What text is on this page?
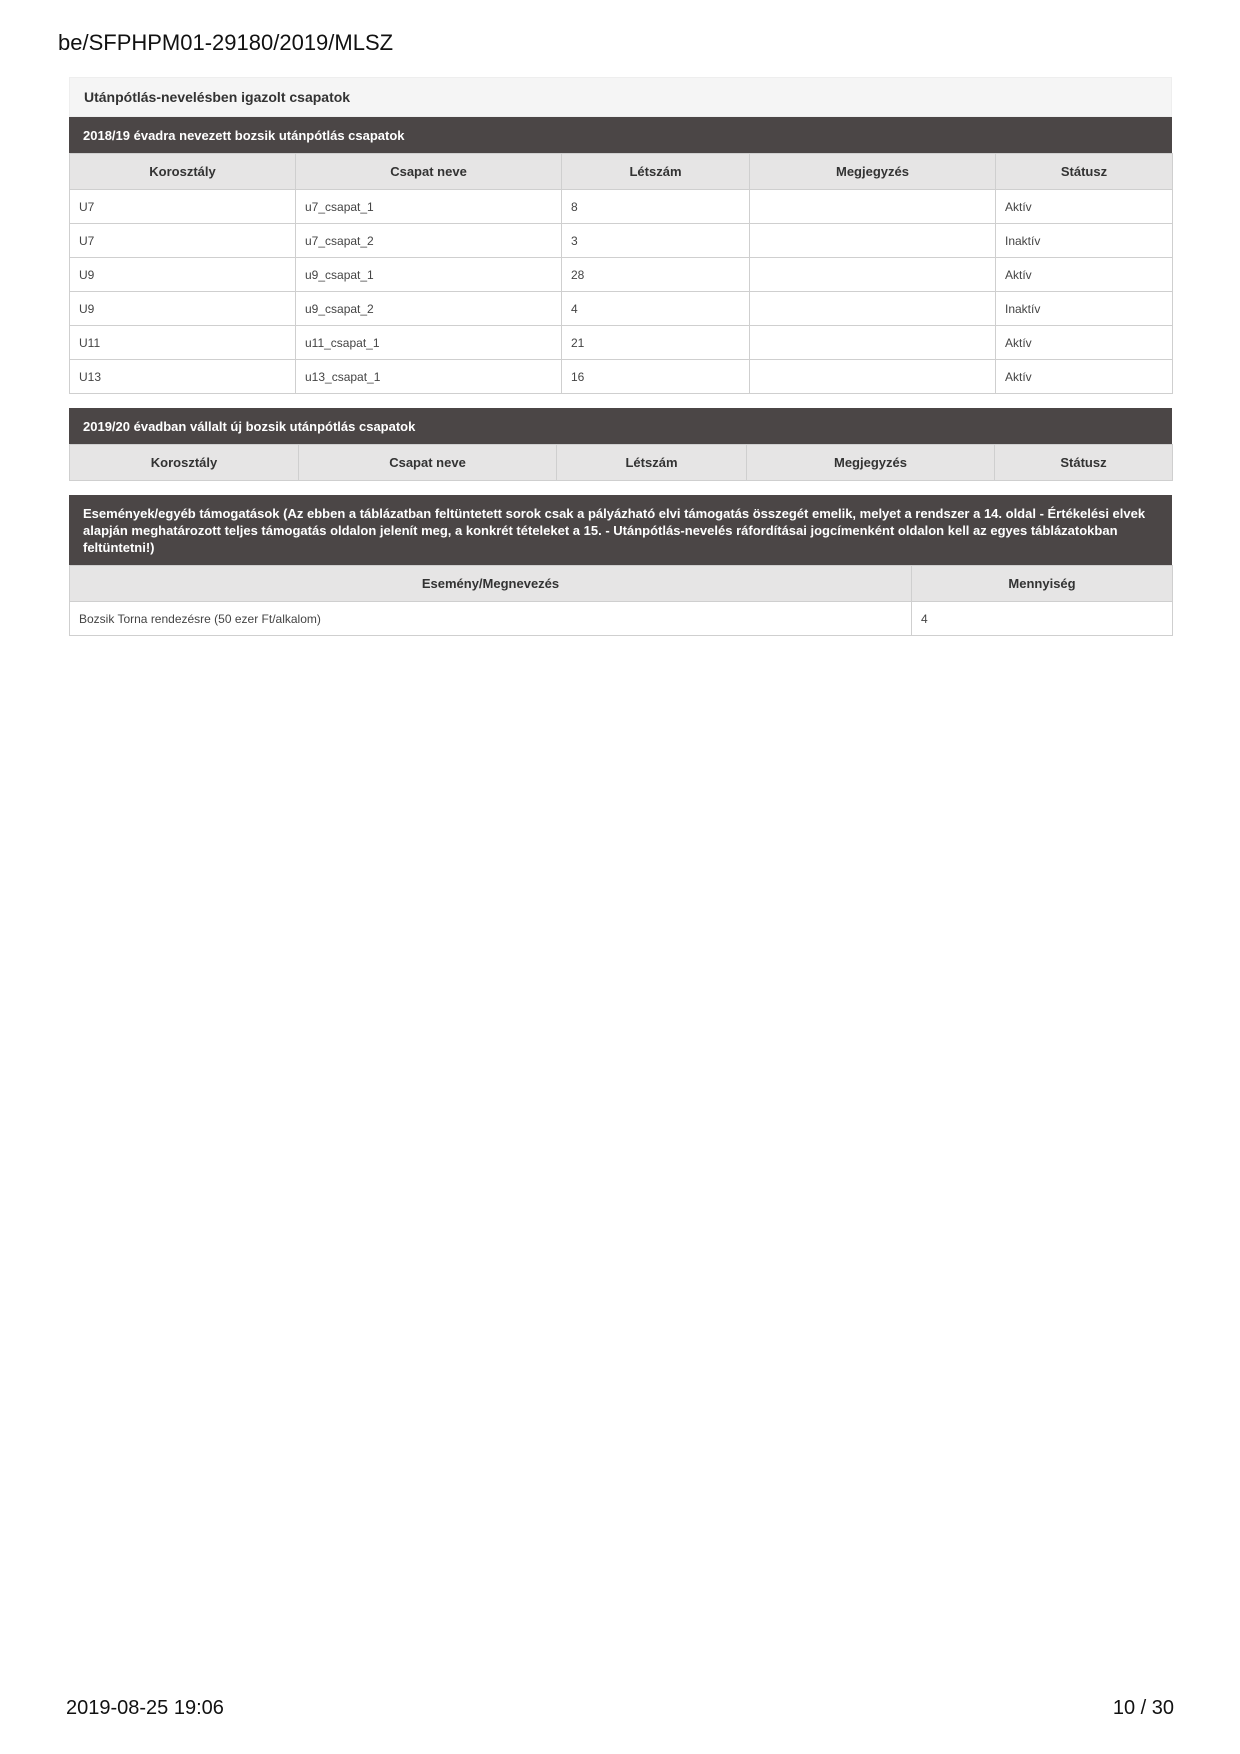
be/SFPHPM01-29180/2019/MLSZ
Utánpótlás-nevelésben igazolt csapatok
2018/19 évadra nevezett bozsik utánpótlás csapatok
Korosztály	Csapat neve	Létszám	Megjegyzés	Státusz
U7	u7_csapat_1	8		Aktív
U7	u7_csapat_2	3		Inaktív
U9	u9_csapat_1	28		Aktív
U9	u9_csapat_2	4		Inaktív
U11	u11_csapat_1	21		Aktív
U13	u13_csapat_1	16		Aktív
2019/20 évadban vállalt új bozsik utánpótlás csapatok
Korosztály	Csapat neve	Létszám	Megjegyzés	Státusz
Események/egyéb támogatások (Az ebben a táblázatban feltüntetett sorok csak a pályázható elvi támogatás összegét emelik, melyet a rendszer a 14. oldal - Értékelési elvek alapján meghatározott teljes támogatás oldalon jelenít meg, a konkrét tételeket a 15. - Utánpótlás-nevelés ráfordításai jogcímenként oldalon kell az egyes táblázatokban feltüntetni!)
Esemény/Megnevezés	Mennyiség
Bozsik Torna rendezésre (50 ezer Ft/alkalom)	4
2019-08-25 19:06	10 / 30
